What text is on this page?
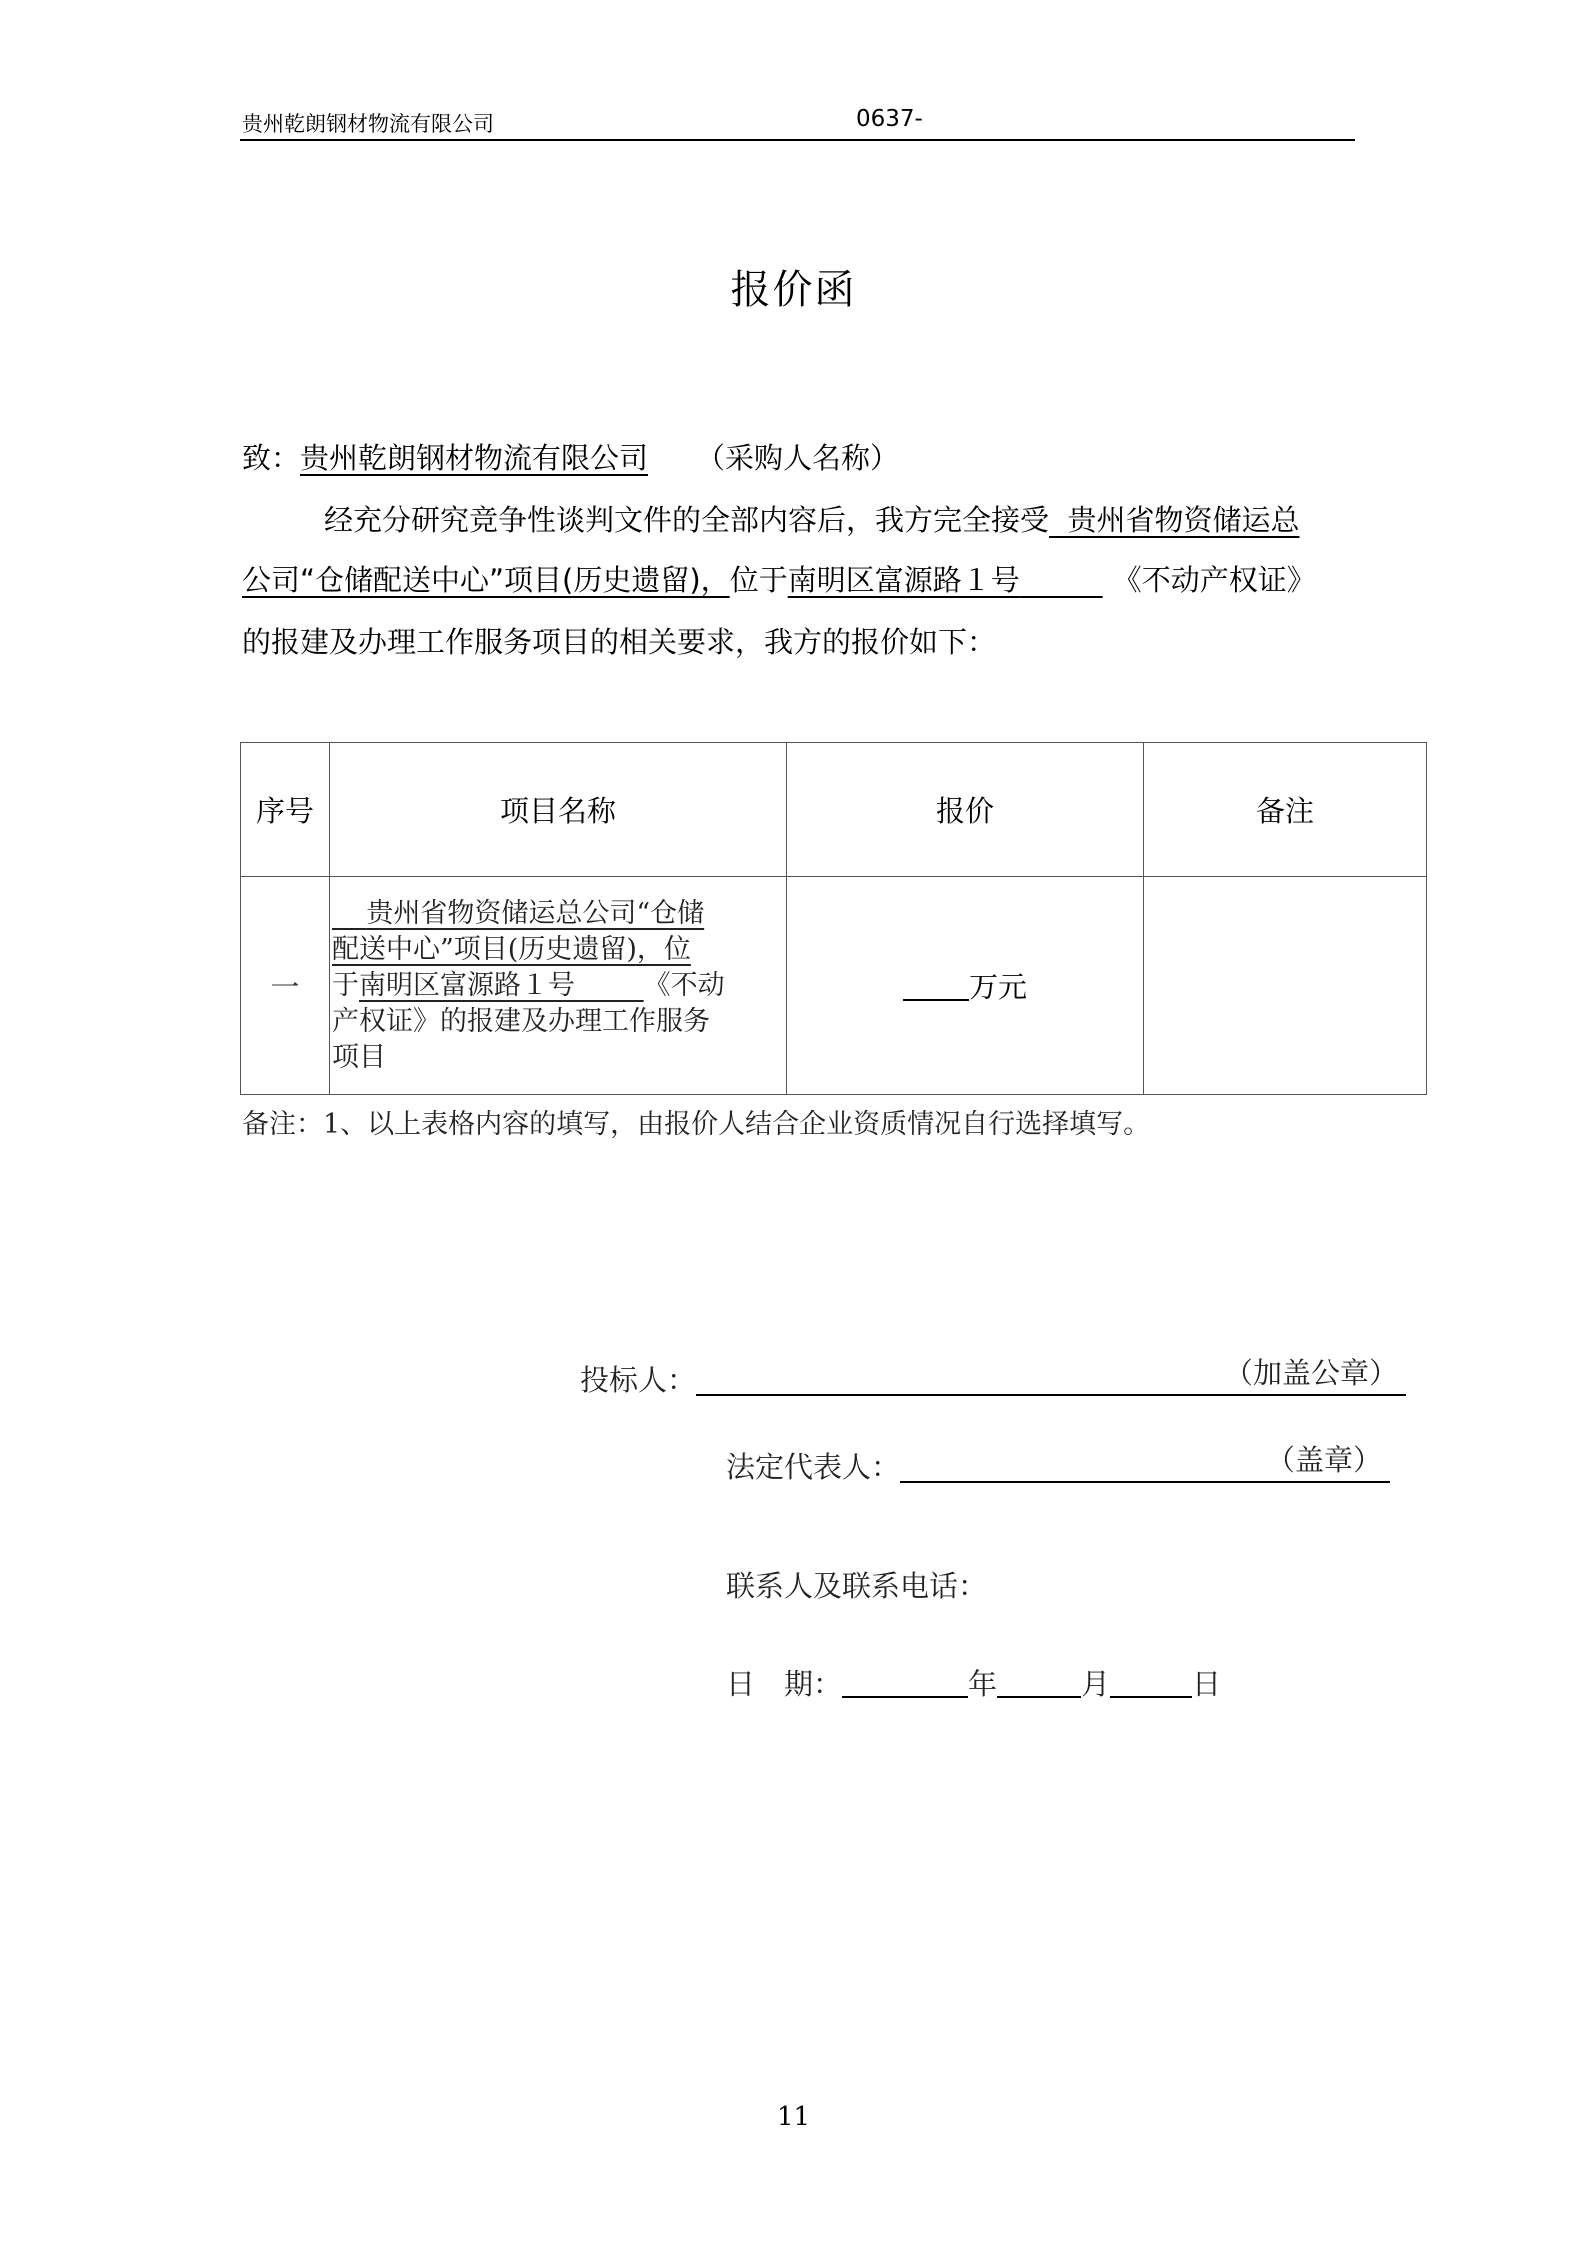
贵州乾朗钢材物流有限公司	0637-
报价函
致：贵州乾朗钢材物流有限公司 （采购人名称）
经充分研究竞争性谈判文件的全部内容后，我方完全接受 贵州省物资储运总
公司“仓储配送中心”项目(历史遗留)，位于南明区富源路１号	《不动产权证》
的报建及办理工作服务项目的相关要求，我方的报价如下：
序号	项目名称	报价	备注
一	贵州省物资储运总公司“仓储
配送中心”项目(历史遗留)，位
于南明区富源路１号 《不动
产权证》的报建及办理工作服务
项目	万元	
备注：1、以上表格内容的填写，由报价人结合企业资质情况自行选择填写。
投标人：	（加盖公章）
法定代表人：	（盖章）
联系人及联系电话：
日　期：	年	月	日
11
